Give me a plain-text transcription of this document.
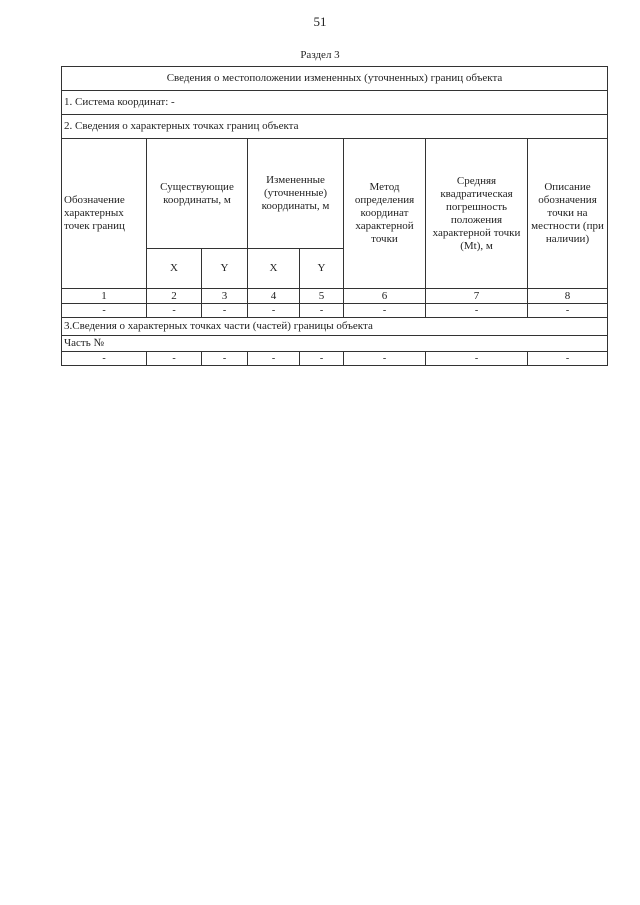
51
Раздел 3
Сведения о местоположении измененных (уточненных) границ объекта							
1. Система координат: -							
2. Сведения о характерных точках границ объекта							
Обозначение характерных точек границ	Существующие координаты, м		Измененные (уточненные) координаты, м		Метод определения координат характерной точки	Средняя квадратическая погрешность положения характерной точки (Mt), м	Описание обозначения точки на местности (при наличии)
	X	Y	X	Y			
1	2	3	4	5	6	7	8
-	-	-	-	-	-	-	-
3.Сведения о характерных точках части (частей) границы объекта							
Часть №							
-	-	-	-	-	-	-	-
